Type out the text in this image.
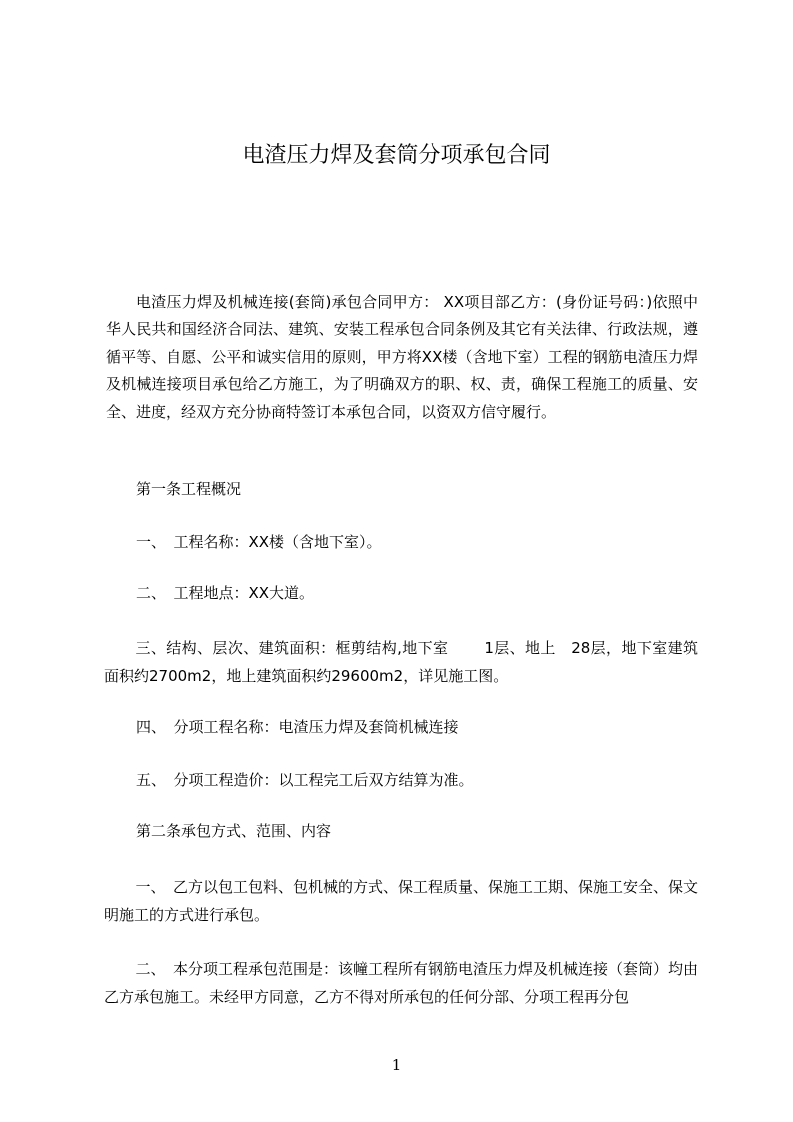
电渣压力焊及套筒分项承包合同

电渣压力焊及机械连接(套筒)承包合同甲方： XX项目部乙方：(身份证号码：)依照中华人民共和国经济合同法、建筑、安装工程承包合同条例及其它有关法律、行政法规，遵循平等、自愿、公平和诚实信用的原则，甲方将XX楼（含地下室）工程的钢筋电渣压力焊及机械连接项目承包给乙方施工，为了明确双方的职、权、责，确保工程施工的质量、安全、进度，经双方充分协商特签订本承包合同，以资双方信守履行。

第一条工程概况

一、　工程名称：XX楼（含地下室）。

二、　工程地点：XX大道。

三、结构、层次、建筑面积：框剪结构,地下室　　 1层、地上　28层，地下室建筑面积约2700m2，地上建筑面积约29600m2，详见施工图。

四、　分项工程名称：电渣压力焊及套筒机械连接

五、　分项工程造价：以工程完工后双方结算为准。

第二条承包方式、范围、内容

一、　乙方以包工包料、包机械的方式、保工程质量、保施工工期、保施工安全、保文明施工的方式进行承包。

二、　本分项工程承包范围是：该幢工程所有钢筋电渣压力焊及机械连接（套筒）均由乙方承包施工。未经甲方同意，乙方不得对所承包的任何分部、分项工程再分包

1
